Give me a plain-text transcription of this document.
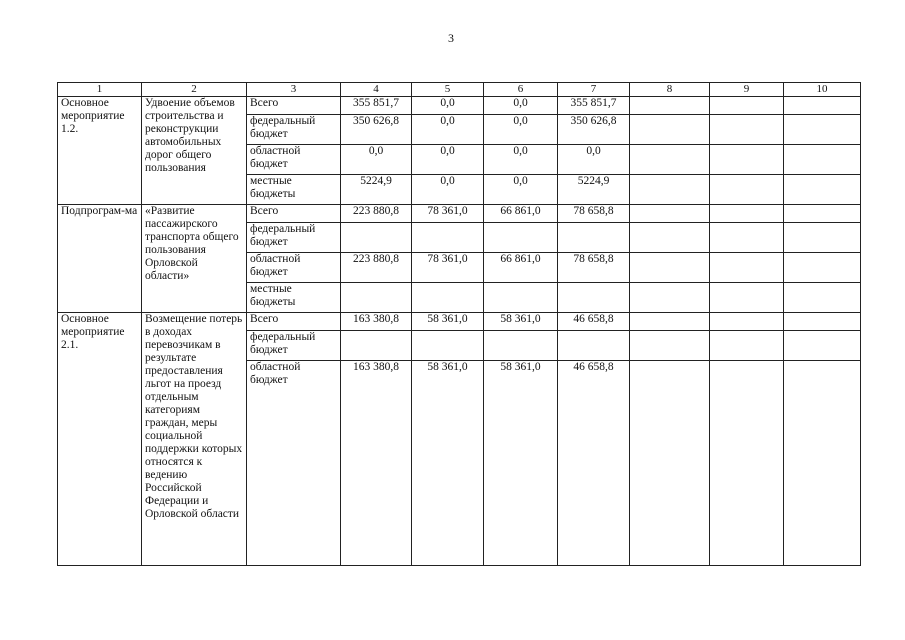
3
1	2	3	4	5	6	7	8	9	10
Основное мероприятие 1.2.	Удвоение объемов строительства и реконструкции автомобильных дорог общего пользования	Всего	355 851,7	0,0	0,0	355 851,7			
		федеральный бюджет	350 626,8	0,0	0,0	350 626,8			
		областной бюджет	0,0	0,0	0,0	0,0			
		местные бюджеты	5224,9	0,0	0,0	5224,9			
Подпрограм-ма	«Развитие пассажирского транспорта общего пользования Орловской области»	Всего	223 880,8	78 361,0	66 861,0	78 658,8			
		федеральный бюджет							
		областной бюджет	223 880,8	78 361,0	66 861,0	78 658,8			
		местные бюджеты							
Основное мероприятие 2.1.	Возмещение потерь в доходах перевозчикам в результате предоставления льгот на проезд отдельным категориям граждан, меры социальной поддержки которых относятся к ведению Российской Федерации и Орловской области	Всего	163 380,8	58 361,0	58 361,0	46 658,8			
		федеральный бюджет							
		областной бюджет	163 380,8	58 361,0	58 361,0	46 658,8			
